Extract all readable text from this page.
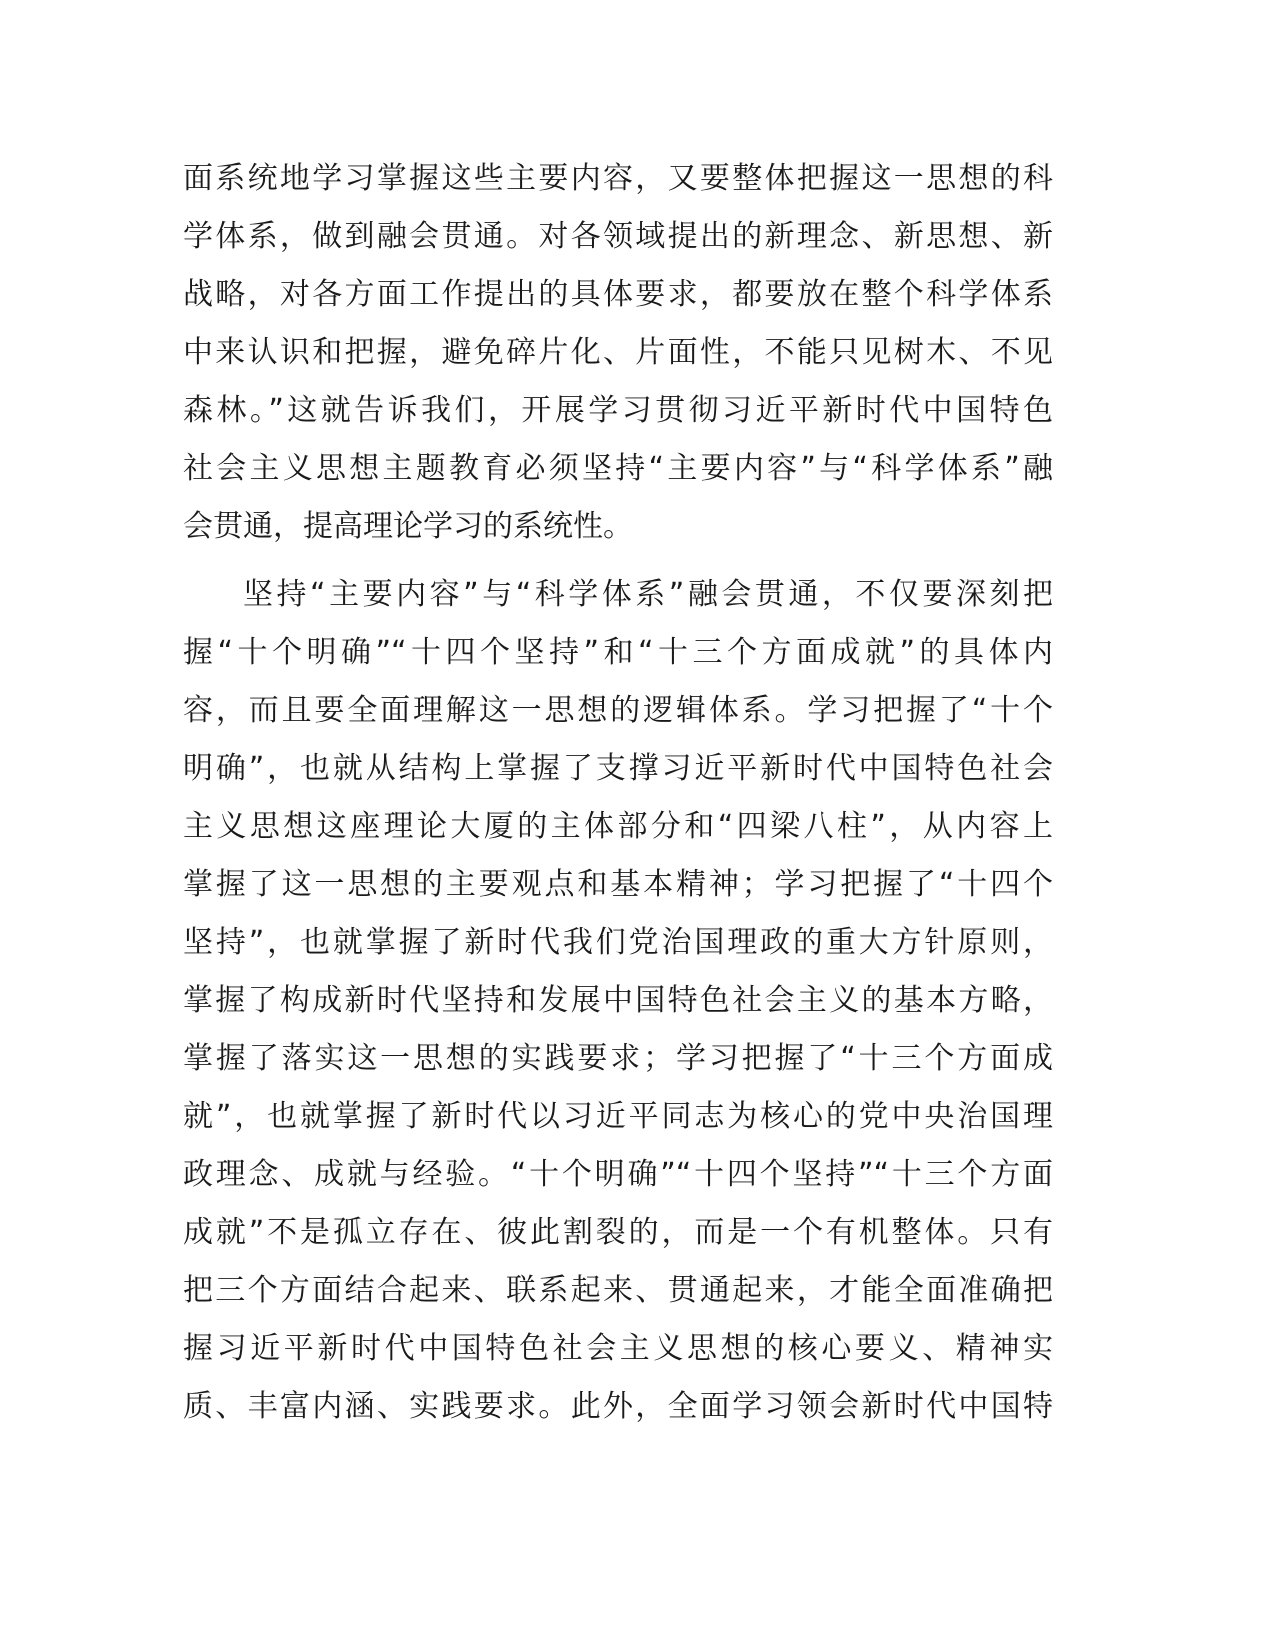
面系统地学习掌握这些主要内容，又要整体把握这一思想的科
学体系，做到融会贯通。对各领域提出的新理念、新思想、新
战略，对各方面工作提出的具体要求，都要放在整个科学体系
中来认识和把握，避免碎片化、片面性，不能只见树木、不见
森林。”这就告诉我们，开展学习贯彻习近平新时代中国特色
社会主义思想主题教育必须坚持“主要内容”与“科学体系”融
会贯通，提高理论学习的系统性。
坚持“主要内容”与“科学体系”融会贯通，不仅要深刻把
握“十个明确”“十四个坚持”和“十三个方面成就”的具体内
容，而且要全面理解这一思想的逻辑体系。学习把握了“十个
明确”，也就从结构上掌握了支撑习近平新时代中国特色社会
主义思想这座理论大厦的主体部分和“四梁八柱”，从内容上
掌握了这一思想的主要观点和基本精神；学习把握了“十四个
坚持”，也就掌握了新时代我们党治国理政的重大方针原则，
掌握了构成新时代坚持和发展中国特色社会主义的基本方略，
掌握了落实这一思想的实践要求；学习把握了“十三个方面成
就”，也就掌握了新时代以习近平同志为核心的党中央治国理
政理念、成就与经验。“十个明确”“十四个坚持”“十三个方面
成就”不是孤立存在、彼此割裂的，而是一个有机整体。只有
把三个方面结合起来、联系起来、贯通起来，才能全面准确把
握习近平新时代中国特色社会主义思想的核心要义、精神实
质、丰富内涵、实践要求。此外，全面学习领会新时代中国特
